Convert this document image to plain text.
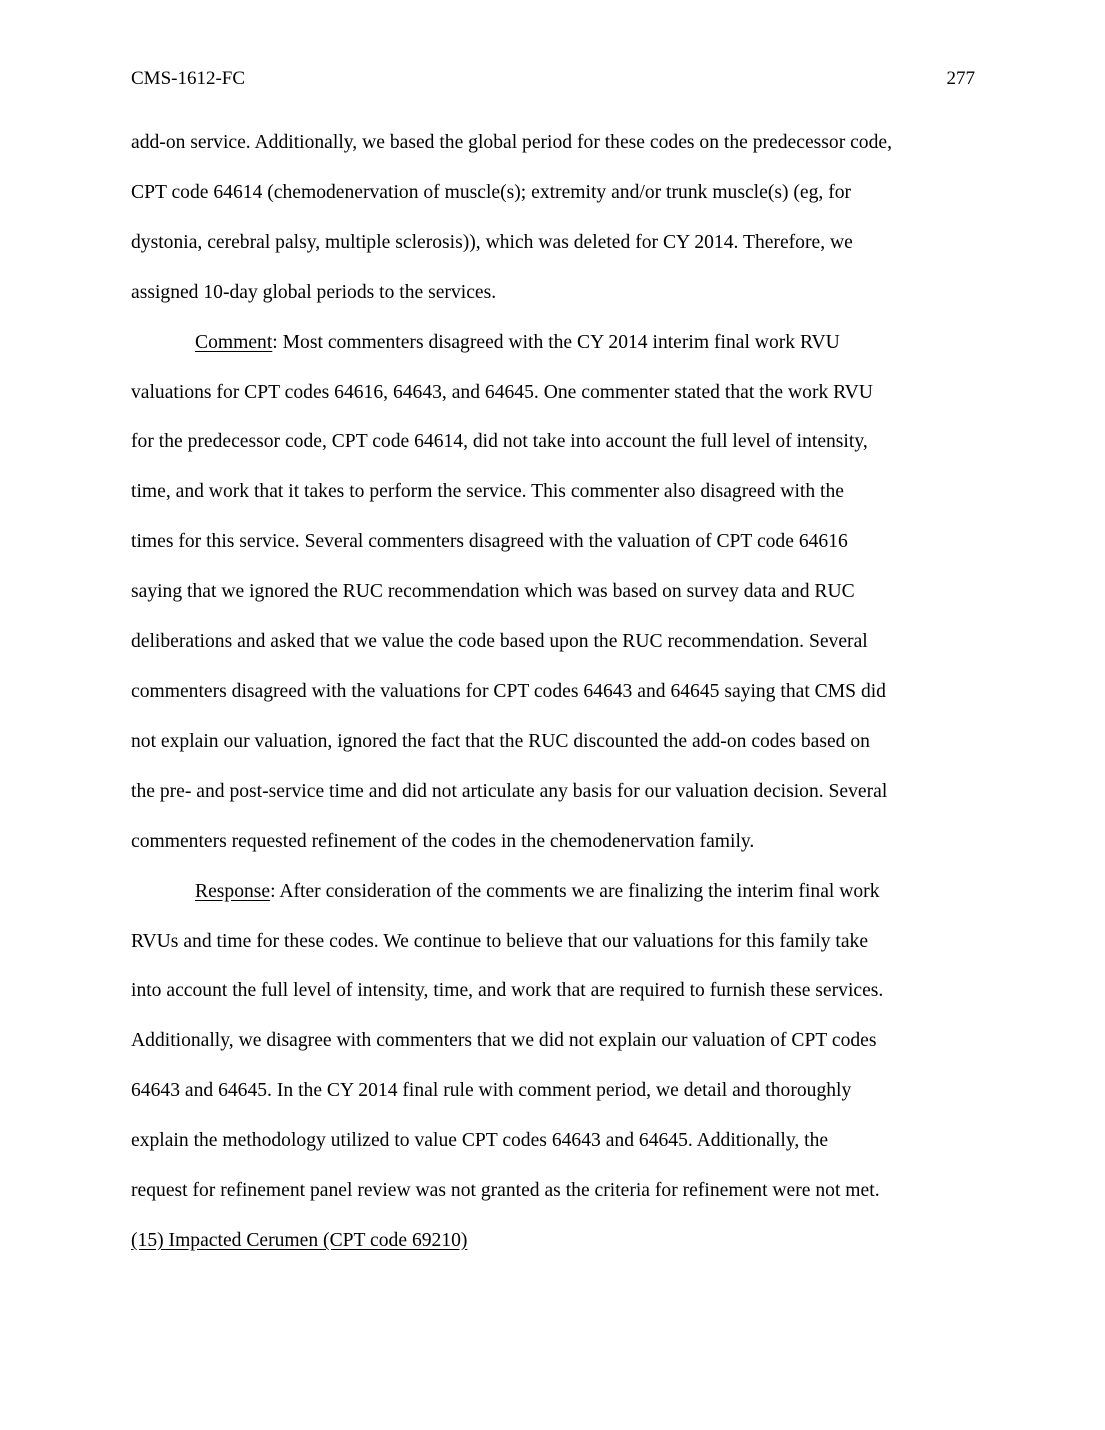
CMS-1612-FC	277
add-on service. Additionally, we based the global period for these codes on the predecessor code,
CPT code 64614 (chemodenervation of muscle(s); extremity and/or trunk muscle(s) (eg, for
dystonia, cerebral palsy, multiple sclerosis)), which was deleted for CY 2014. Therefore, we
assigned 10-day global periods to the services.
Comment: Most commenters disagreed with the CY 2014 interim final work RVU
valuations for CPT codes 64616, 64643, and 64645. One commenter stated that the work RVU
for the predecessor code, CPT code 64614, did not take into account the full level of intensity,
time, and work that it takes to perform the service. This commenter also disagreed with the
times for this service. Several commenters disagreed with the valuation of CPT code 64616
saying that we ignored the RUC recommendation which was based on survey data and RUC
deliberations and asked that we value the code based upon the RUC recommendation. Several
commenters disagreed with the valuations for CPT codes 64643 and 64645 saying that CMS did
not explain our valuation, ignored the fact that the RUC discounted the add-on codes based on
the pre- and post-service time and did not articulate any basis for our valuation decision. Several
commenters requested refinement of the codes in the chemodenervation family.
Response: After consideration of the comments we are finalizing the interim final work
RVUs and time for these codes. We continue to believe that our valuations for this family take
into account the full level of intensity, time, and work that are required to furnish these services.
Additionally, we disagree with commenters that we did not explain our valuation of CPT codes
64643 and 64645. In the CY 2014 final rule with comment period, we detail and thoroughly
explain the methodology utilized to value CPT codes 64643 and 64645. Additionally, the
request for refinement panel review was not granted as the criteria for refinement were not met.
(15) Impacted Cerumen (CPT code 69210)
